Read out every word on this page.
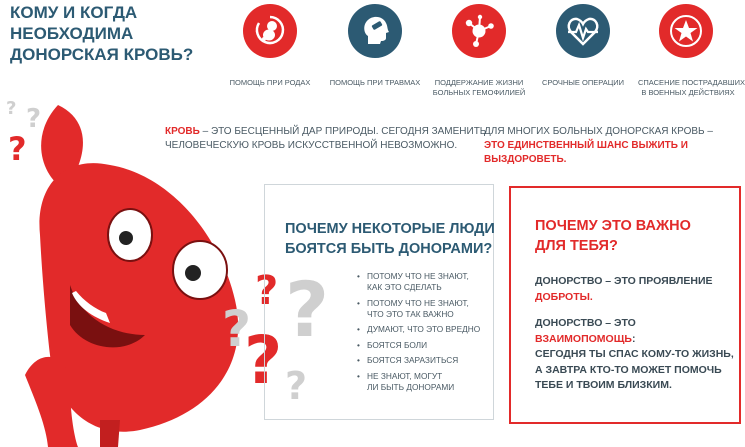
КОМУ И КОГДА
НЕОБХОДИМА
ДОНОРСКАЯ КРОВЬ?
ПОМОЩЬ ПРИ РОДАХ	ПОМОЩЬ ПРИ ТРАВМАХ	ПОДДЕРЖАНИЕ ЖИЗНИ
БОЛЬНЫХ ГЕМОФИЛИЕЙ
СРОЧНЫЕ ОПЕРАЦИИ	СПАСЕНИЕ ПОСТРАДАВШИХ
В ВОЕННЫХ ДЕЙСТВИЯХ
? ?
?
? ?
?
? ?
КРОВЬ – ЭТО БЕСЦЕННЫЙ ДАР ПРИРОДЫ. СЕГОДНЯ ЗАМЕНИТЬ
ЧЕЛОВЕЧЕСКУЮ КРОВЬ ИСКУССТВЕННОЙ НЕВОЗМОЖНО.
ДЛЯ МНОГИХ БОЛЬНЫХ ДОНОРСКАЯ КРОВЬ –
ЭТО ЕДИНСТВЕННЫЙ ШАНС ВЫЖИТЬ И ВЫЗДОРОВЕТЬ.
ПОЧЕМУ НЕКОТОРЫЕ ЛЮДИ
БОЯТСЯ БЫТЬ ДОНОРАМИ?
• ПОТОМУ ЧТО НЕ ЗНАЮТ,
КАК ЭТО СДЕЛАТЬ
• ПОТОМУ ЧТО НЕ ЗНАЮТ,
ЧТО ЭТО ТАК ВАЖНО
• ДУМАЮТ, ЧТО ЭТО ВРЕДНО
• БОЯТСЯ БОЛИ
• БОЯТСЯ ЗАРАЗИТЬСЯ
• НЕ ЗНАЮТ, МОГУТ
ЛИ БЫТЬ ДОНОРАМИ
ПОЧЕМУ ЭТО ВАЖНО
ДЛЯ ТЕБЯ?
ДОНОРСТВО – ЭТО ПРОЯВЛЕНИЕ
ДОБРОТЫ.
ДОНОРСТВО – ЭТО ВЗАИМОПОМОЩЬ:
СЕГОДНЯ ТЫ СПАС КОМУ-ТО ЖИЗНЬ,
А ЗАВТРА КТО-ТО МОЖЕТ ПОМОЧЬ
ТЕБЕ И ТВОИМ БЛИЗКИМ.
